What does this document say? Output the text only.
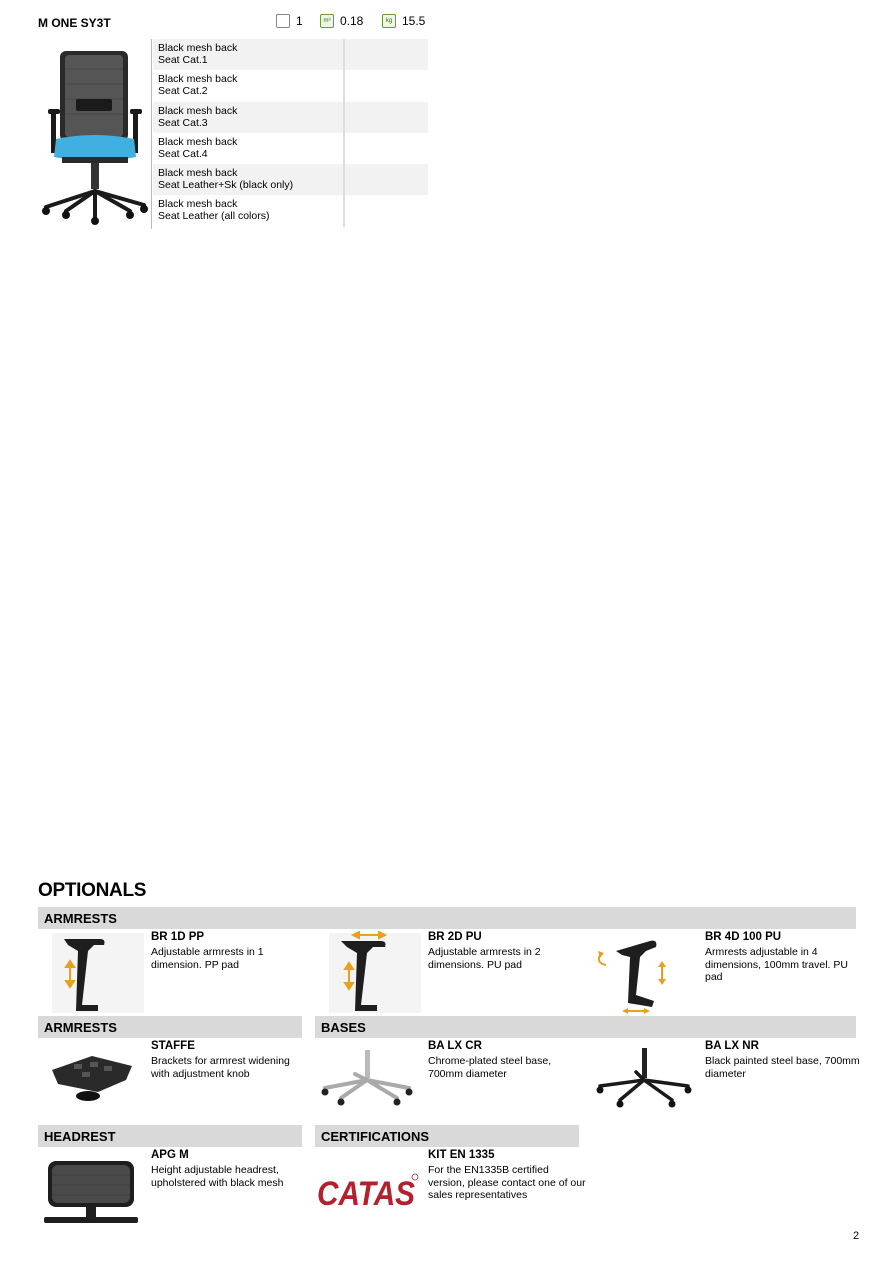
M ONE SY3T	1	m³ 0.18	kg 15.5
Black mesh back
Seat Cat.1
Black mesh back
Seat Cat.2
Black mesh back
Seat Cat.3
Black mesh back
Seat Cat.4
Black mesh back
Seat Leather+Sk (black only)
Black mesh back
Seat Leather (all colors)
OPTIONALS
ARMRESTS
BR 1D PP
Adjustable armrests in 1 dimension. PP pad
BR 2D PU
Adjustable armrests in 2 dimensions. PU pad
BR 4D 100 PU
Armrests adjustable in 4 dimensions, 100mm travel. PU pad
ARMRESTS	BASES
STAFFE
Brackets for armrest widening with adjustment knob
BA LX CR
Chrome-plated steel base, 700mm diameter
BA LX NR
Black painted steel base, 700mm diameter
HEADREST	CERTIFICATIONS
APG M
Height adjustable headrest, upholstered with black mesh CATAS
KIT EN 1335
For the EN1335B certified version, please contact one of our sales representatives
2
